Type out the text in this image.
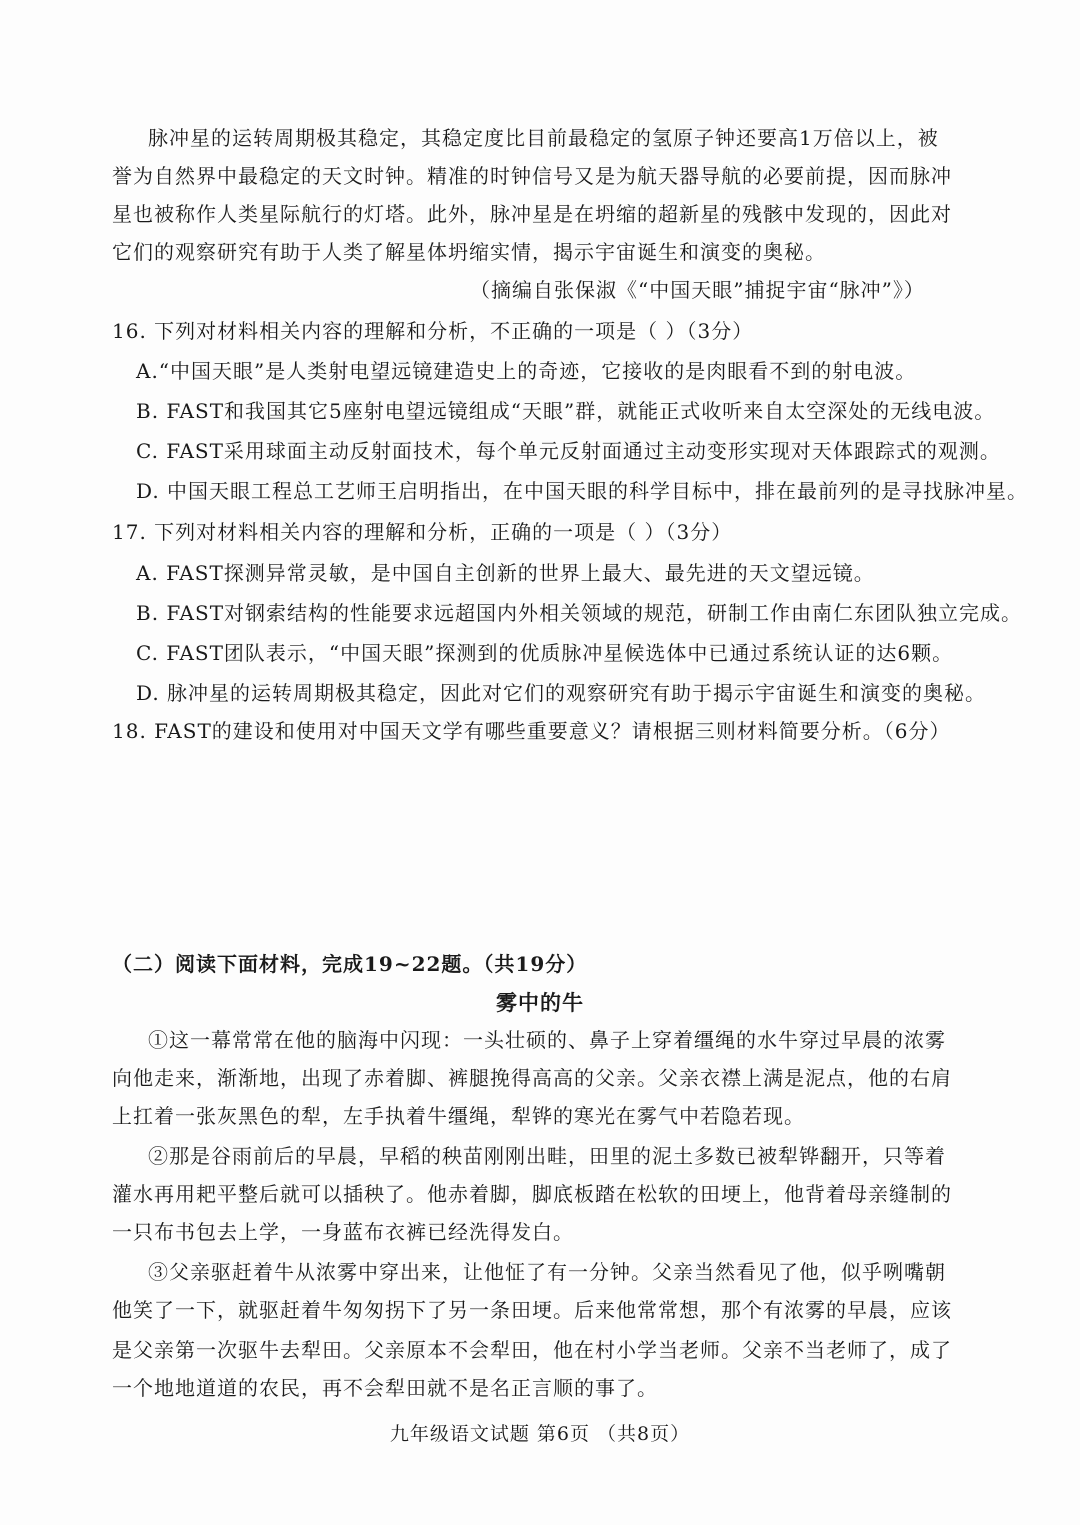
脉冲星的运转周期极其稳定，其稳定度比目前最稳定的氢原子钟还要高1万倍以上，被
誉为自然界中最稳定的天文时钟。精准的时钟信号又是为航天器导航的必要前提，因而脉冲
星也被称作人类星际航行的灯塔。此外，脉冲星是在坍缩的超新星的残骸中发现的，因此对
它们的观察研究有助于人类了解星体坍缩实情，揭示宇宙诞生和演变的奥秘。
（摘编自张保淑《“中国天眼”捕捉宇宙“脉冲”》）
16. 下列对材料相关内容的理解和分析，不正确的一项是（ ）（3分）
A.“中国天眼”是人类射电望远镜建造史上的奇迹，它接收的是肉眼看不到的射电波。
B. FAST和我国其它5座射电望远镜组成“天眼”群，就能正式收听来自太空深处的无线电波。
C. FAST采用球面主动反射面技术，每个单元反射面通过主动变形实现对天体跟踪式的观测。
D. 中国天眼工程总工艺师王启明指出，在中国天眼的科学目标中，排在最前列的是寻找脉冲星。
17. 下列对材料相关内容的理解和分析，正确的一项是（ ）（3分）
A. FAST探测异常灵敏，是中国自主创新的世界上最大、最先进的天文望远镜。
B. FAST对钢索结构的性能要求远超国内外相关领域的规范，研制工作由南仁东团队独立完成。
C. FAST团队表示，“中国天眼”探测到的优质脉冲星候选体中已通过系统认证的达6颗。
D. 脉冲星的运转周期极其稳定，因此对它们的观察研究有助于揭示宇宙诞生和演变的奥秘。
18. FAST的建设和使用对中国天文学有哪些重要意义？请根据三则材料简要分析。（6分）
（二）阅读下面材料，完成19~22题。（共19分）
雾中的牛
①这一幕常常在他的脑海中闪现：一头壮硕的、鼻子上穿着缰绳的水牛穿过早晨的浓雾
向他走来，渐渐地，出现了赤着脚、裤腿挽得高高的父亲。父亲衣襟上满是泥点，他的右肩
上扛着一张灰黑色的犁，左手执着牛缰绳，犁铧的寒光在雾气中若隐若现。
②那是谷雨前后的早晨，早稻的秧苗刚刚出畦，田里的泥土多数已被犁铧翻开，只等着
灌水再用耙平整后就可以插秧了。他赤着脚，脚底板踏在松软的田埂上，他背着母亲缝制的
一只布书包去上学，一身蓝布衣裤已经洗得发白。
③父亲驱赶着牛从浓雾中穿出来，让他怔了有一分钟。父亲当然看见了他，似乎咧嘴朝
他笑了一下，就驱赶着牛匆匆拐下了另一条田埂。后来他常常想，那个有浓雾的早晨，应该
是父亲第一次驱牛去犁田。父亲原本不会犁田，他在村小学当老师。父亲不当老师了，成了
一个地地道道的农民，再不会犁田就不是名正言顺的事了。
九年级语文试题 第6页 （共8页）
